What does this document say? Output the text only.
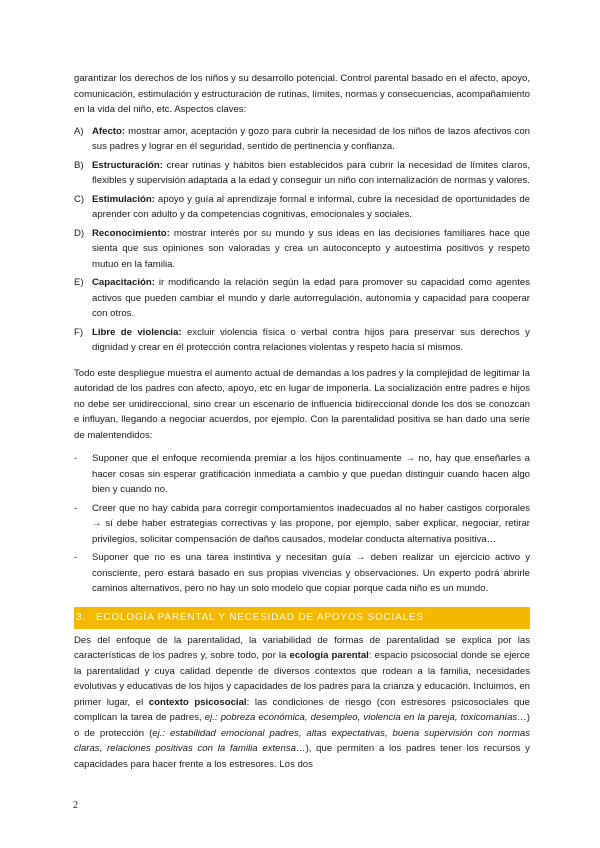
garantizar los derechos de los niños y su desarrollo potencial. Control parental basado en el afecto, apoyo, comunicación, estimulación y estructuración de rutinas, límites, normas y consecuencias, acompañamiento en la vida del niño, etc. Aspectos claves:

A) Afecto: mostrar amor, aceptación y gozo para cubrir la necesidad de los niños de lazos afectivos con sus padres y lograr en él seguridad, sentido de pertinencia y confianza.
B) Estructuración: crear rutinas y hábitos bien establecidos para cubrir la necesidad de límites claros, flexibles y supervisión adaptada a la edad y conseguir un niño con internalización de normas y valores.
C) Estimulación: apoyo y guía al aprendizaje formal e informal, cubre la necesidad de oportunidades de aprender con adulto y da competencias cognitivas, emocionales y sociales.
D) Reconocimiento: mostrar interés por su mundo y sus ideas en las decisiones familiares hace que sienta que sus opiniones son valoradas y crea un autoconcepto y autoestima positivos y respeto mutuo en la familia.
E) Capacitación: ir modificando la relación según la edad para promover su capacidad como agentes activos que pueden cambiar el mundo y darle autorregulación, autonomía y capacidad para cooperar con otros.
F) Libre de violencia: excluir violencia física o verbal contra hijos para preservar sus derechos y dignidad y crear en él protección contra relaciones violentas y respeto hacia sí mismos.

Todo este despliegue muestra el aumento actual de demandas a los padres y la complejidad de legitimar la autoridad de los padres con afecto, apoyo, etc en lugar de imponerla. La socialización entre padres e hijos no debe ser unidireccional, sino crear un escenario de influencia bidireccional donde los dos se conozcan e influyan, llegando a negociar acuerdos, por ejemplo. Con la parentalidad positiva se han dado una serie de malentendidos:

- Suponer que el enfoque recomienda premiar a los hijos continuamente → no, hay que enseñarles a hacer cosas sin esperar gratificación inmediata a cambio y que puedan distinguir cuando hacen algo bien y cuando no.
- Creer que no hay cabida para corregir comportamientos inadecuados al no haber castigos corporales → sí debe haber estrategias correctivas y las propone, por ejemplo, saber explicar, negociar, retirar privilegios, solicitar compensación de daños causados, modelar conducta alternativa positiva…
- Suponer que no es una tarea instintiva y necesitan guía → deben realizar un ejercicio activo y consciente, pero estará basado en sus propias vivencias y observaciones. Un experto podrá abrirle caminos alternativos, pero no hay un solo modelo que copiar porque cada niño es un mundo.
3. ECOLOGÍA PARENTAL Y NECESIDAD DE APOYOS SOCIALES

Des del enfoque de la parentalidad, la variabilidad de formas de parentalidad se explica por las características de los padres y, sobre todo, por la ecología parental: espacio psicosocial donde se ejerce la parentalidad y cuya calidad depende de diversos contextos que rodean a la familia, necesidades evolutivas y educativas de los hijos y capacidades de los padres para la crianza y educación. Incluimos, en primer lugar, el contexto psicosocial: las condiciones de riesgo (con estresores psicosociales que complican la tarea de padres, ej.: pobreza económica, desempleo, violencia en la pareja, toxicomanías…) o de protección (ej.: estabilidad emocional padres, altas expectativas, buena supervisión con normas claras, relaciones positivas con la familia extensa…), que permiten a los padres tener los recursos y capacidades para hacer frente a los estresores. Los dos

2
